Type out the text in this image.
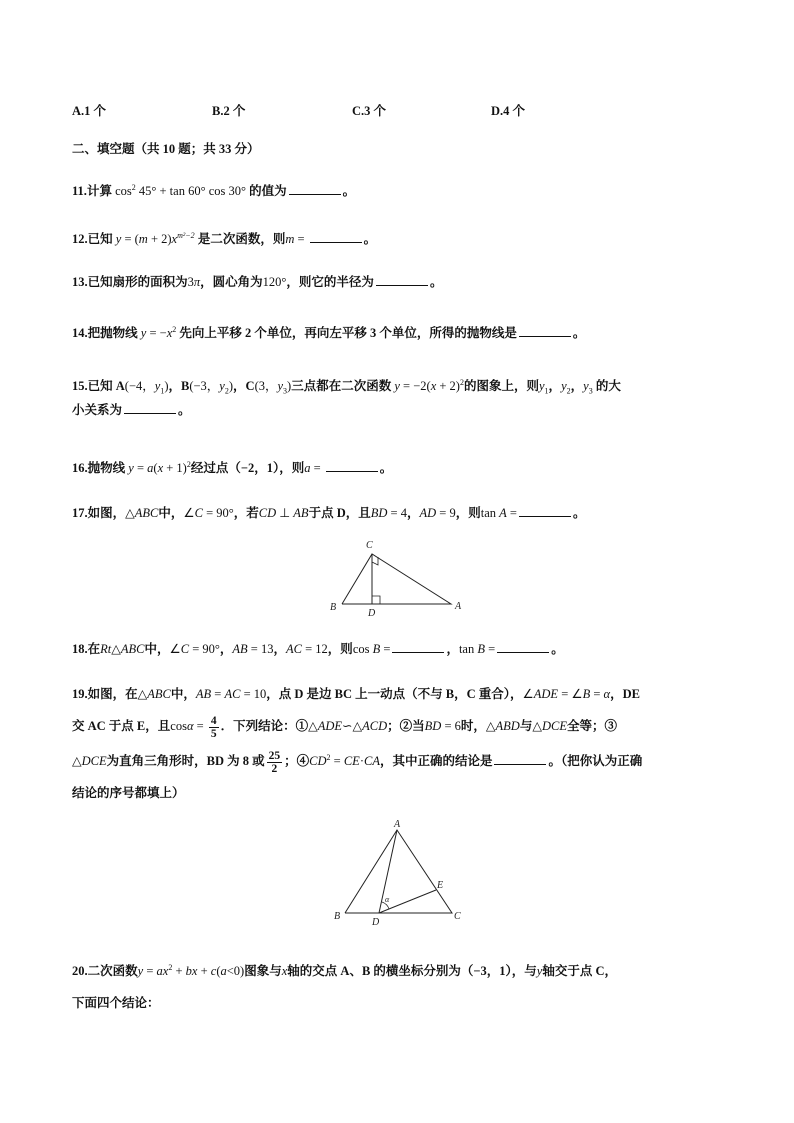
A.1 个	B.2 个	C.3 个	D.4 个
二、填空题（共 10 题；共 33 分）
11.计算 $\cos^2 45^\circ + \tan 60^\circ$ cos 30° 的值为	。
12.已知 $y = (m + 2)x^{m^2-2}$ 是二次函数，则m =	。
13.已知扇形的面积为3π，圆心角为120°，则它的半径为	。
14.把抛物线 $y = -x^2$ 先向上平移 2 个单位，再向左平移 3 个单位，所得的抛物线是	。
15.已知 A(−4，$y_1$)，B(−3，$y_2$)，C(3，$y_3$)三点都在二次函数 $y = -2(x + 2)^2$的图象上，则$y_1$，$y_2$，$y_3$ 的大
小关系为	。
16.抛物线 $y = a(x + 1)^2$经过点（−2，1），则a =	。
17.如图，△ABC中，∠C = 90°，若CD ⊥ AB于点 D，且BD = 4，AD = 9，则tan A =	。
C
B
D
A
18.在Rt△ABC中，∠C = 90°，AB = 13，AC = 12，则cos B =	，tan B =	。
19.如图，在△ABC中，AB = AC = 10，点 D 是边 BC 上一动点（不与 B，C 重合），∠ADE = ∠B = α，DE
交 AC 于点 E，且$\cos\alpha = \frac{4}{5}$ ．下列结论：①△ADE∽△ACD；②当BD = 6时，△ABD与△DCE全等；③
△DCE为直角三角形时，BD 为 8 或 $\frac{25}{2}$ ；$④CD^2 = CE\cdot CA$，其中正确的结论是	。（把你认为正确
结论的序号都填上）
A
B
D
C
E
α
20.二次函数$y = ax^2$ + bx + c(a<0)图象与x轴的交点 A、B 的横坐标分别为（−3，1），与y轴交于点 C，
下面四个结论：
